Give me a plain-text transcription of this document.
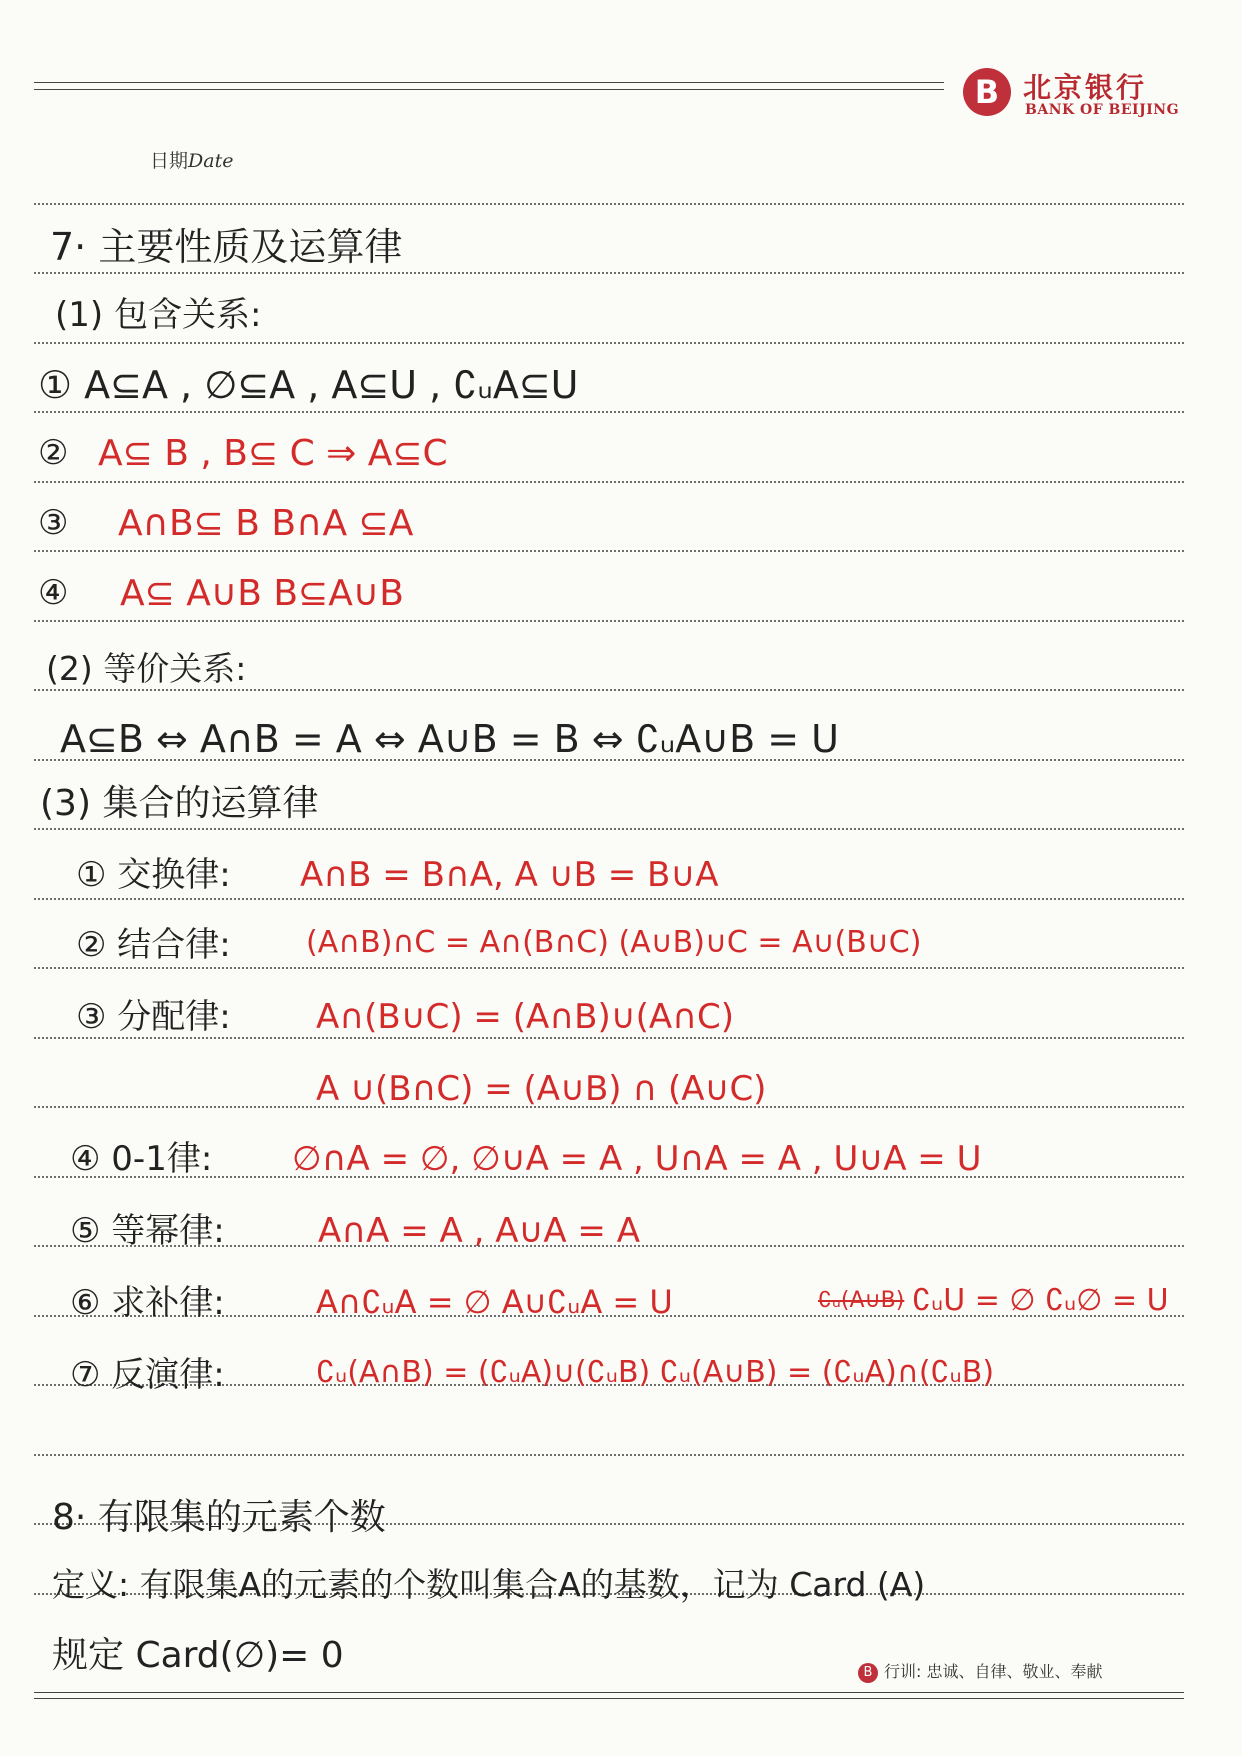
B 北京银行
BANK OF BEIJING
日期Date
7· 主要性质及运算律
(1) 包含关系:
① A⊆A , ∅⊆A , A⊆U , ∁ᵤA⊆U
② A⊆ B , B⊆ C ⇒ A⊆C
③ A∩B⊆ B B∩A ⊆A
④ A⊆ A∪B B⊆A∪B
(2) 等价关系:
A⊆B ⇔ A∩B = A ⇔ A∪B = B ⇔ ∁ᵤA∪B = U
(3) 集合的运算律
① 交换律: A∩B = B∩A, A ∪B = B∪A
② 结合律:	(A∩B)∩C = A∩(B∩C) (A∪B)∪C = A∪(B∪C)
③ 分配律:	A∩(B∪C) = (A∩B)∪(A∩C)
A ∪(B∩C) = (A∪B) ∩ (A∪C)
④ 0-1律: ∅∩A = ∅, ∅∪A = A , U∩A = A , U∪A = U
⑤ 等幂律:	A∩A = A , A∪A = A
⑥ 求补律:	A∩∁ᵤA = ∅ A∪∁ᵤA = U	∁ᵤ(A∪B) ∁ᵤU = ∅ ∁ᵤ∅ = U
⑦ 反演律:	∁ᵤ(A∩B) = (∁ᵤA)∪(∁ᵤB) ∁ᵤ(A∪B) = (∁ᵤA)∩(∁ᵤB)
8· 有限集的元素个数
定义: 有限集A的元素的个数叫集合A的基数，记为 Card (A)
规定 Card(∅)= 0	B 行训: 忠诚、自律、敬业、奉献
